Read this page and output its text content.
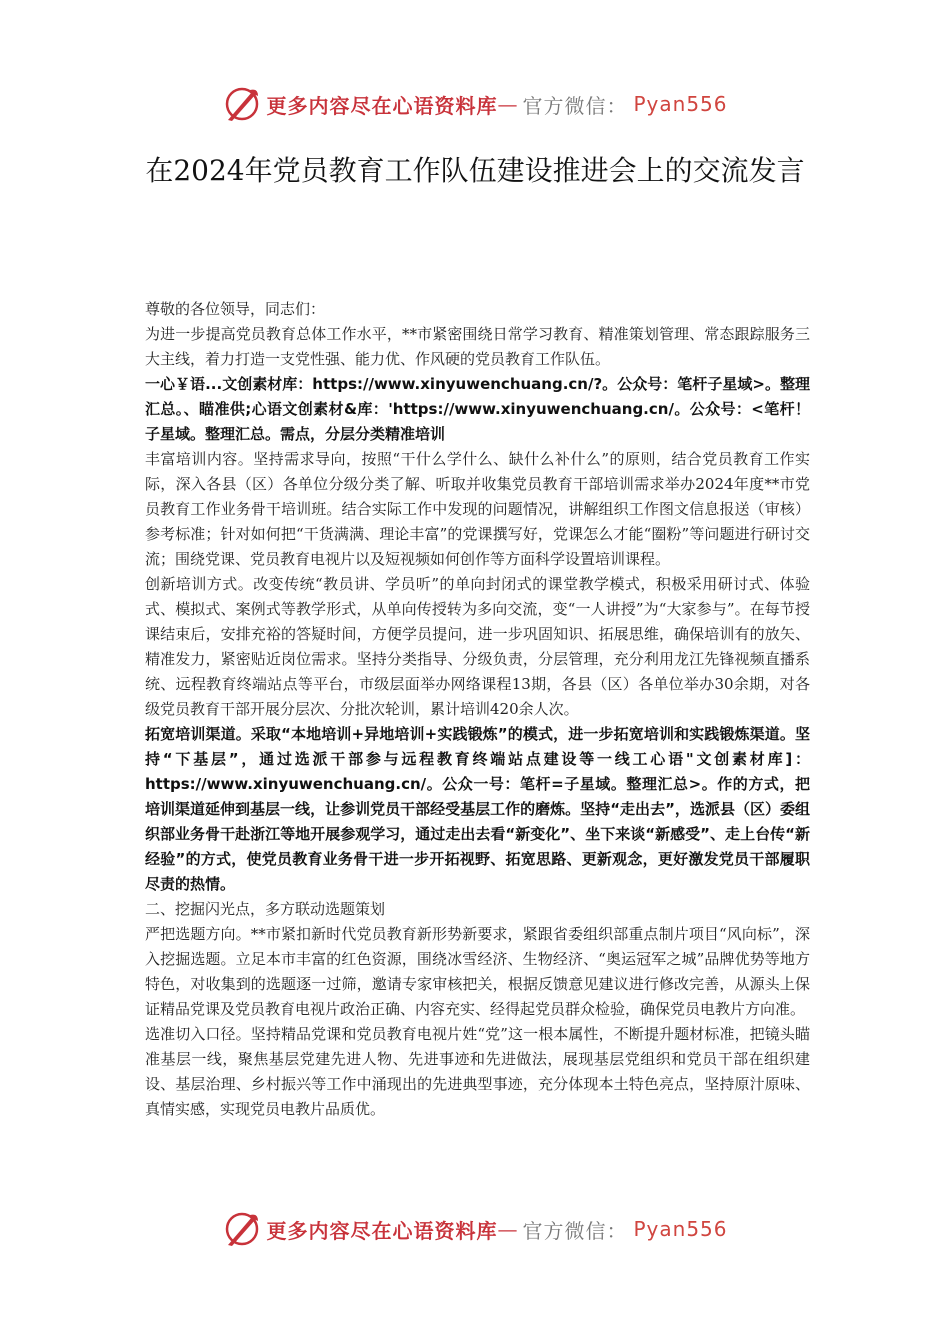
更多内容尽在心语资料库 — 官方微信： Pyan556
在2024年党员教育工作队伍建设推进会上的交流发言

尊敬的各位领导，同志们：

为进一步提高党员教育总体工作水平，**市紧密围绕日常学习教育、精准策划管理、常态跟踪服务三大主线，着力打造一支党性强、能力优、作风硬的党员教育工作队伍。

一心￥语...文创素材库：https://www.xinyuwenchuang.cn/?。公众号：笔杆子星域>。整理汇总。、瞄准供;心语文创素材&库：'https://www.xinyuwenchuang.cn/。公众号：<笔杆！子星域。整理汇总。需点，分层分类精准培训

丰富培训内容。坚持需求导向，按照“干什么学什么、缺什么补什么”的原则，结合党员教育工作实际，深入各县（区）各单位分级分类了解、听取并收集党员教育干部培训需求举办2024年度**市党员教育工作业务骨干培训班。结合实际工作中发现的问题情况，讲解组织工作图文信息报送（审核）参考标准；针对如何把“干货满满、理论丰富”的党课撰写好，党课怎么才能“圈粉”等问题进行研讨交流；围绕党课、党员教育电视片以及短视频如何创作等方面科学设置培训课程。

创新培训方式。改变传统“教员讲、学员听”的单向封闭式的课堂教学模式，积极采用研讨式、体验式、模拟式、案例式等教学形式，从单向传授转为多向交流，变“一人讲授”为“大家参与”。在每节授课结束后，安排充裕的答疑时间，方便学员提问，进一步巩固知识、拓展思维，确保培训有的放矢、精准发力，紧密贴近岗位需求。坚持分类指导、分级负责，分层管理，充分利用龙江先锋视频直播系统、远程教育终端站点等平台，市级层面举办网络课程13期，各县（区）各单位举办30余期，对各级党员教育干部开展分层次、分批次轮训，累计培训420余人次。

拓宽培训渠道。采取“本地培训+异地培训+实践锻炼”的模式，进一步拓宽培训和实践锻炼渠道。坚持“下基层”，通过选派干部参与远程教育终端站点建设等一线工心语"文创素材库]：https://www.xinyuwenchuang.cn/。公众一号：笔杆=子星域。整理汇总>。作的方式，把培训渠道延伸到基层一线，让参训党员干部经受基层工作的磨炼。坚持“走出去”，选派县（区）委组织部业务骨干赴浙江等地开展参观学习，通过走出去看“新变化”、坐下来谈“新感受”、走上台传“新经验”的方式，使党员教育业务骨干进一步开拓视野、拓宽思路、更新观念，更好激发党员干部履职尽责的热情。

二、挖掘闪光点，多方联动选题策划

严把选题方向。**市紧扣新时代党员教育新形势新要求，紧跟省委组织部重点制片项目“风向标”，深入挖掘选题。立足本市丰富的红色资源，围绕冰雪经济、生物经济、“奥运冠军之城”品牌优势等地方特色，对收集到的选题逐一过筛，邀请专家审核把关，根据反馈意见建议进行修改完善，从源头上保证精品党课及党员教育电视片政治正确、内容充实、经得起党员群众检验，确保党员电教片方向准。

选准切入口径。坚持精品党课和党员教育电视片姓“党”这一根本属性，不断提升题材标准，把镜头瞄准基层一线，聚焦基层党建先进人物、先进事迹和先进做法，展现基层党组织和党员干部在组织建设、基层治理、乡村振兴等工作中涌现出的先进典型事迹，充分体现本土特色亮点，坚持原汁原味、真情实感，实现党员电教片品质优。

更多内容尽在心语资料库 — 官方微信： Pyan556
